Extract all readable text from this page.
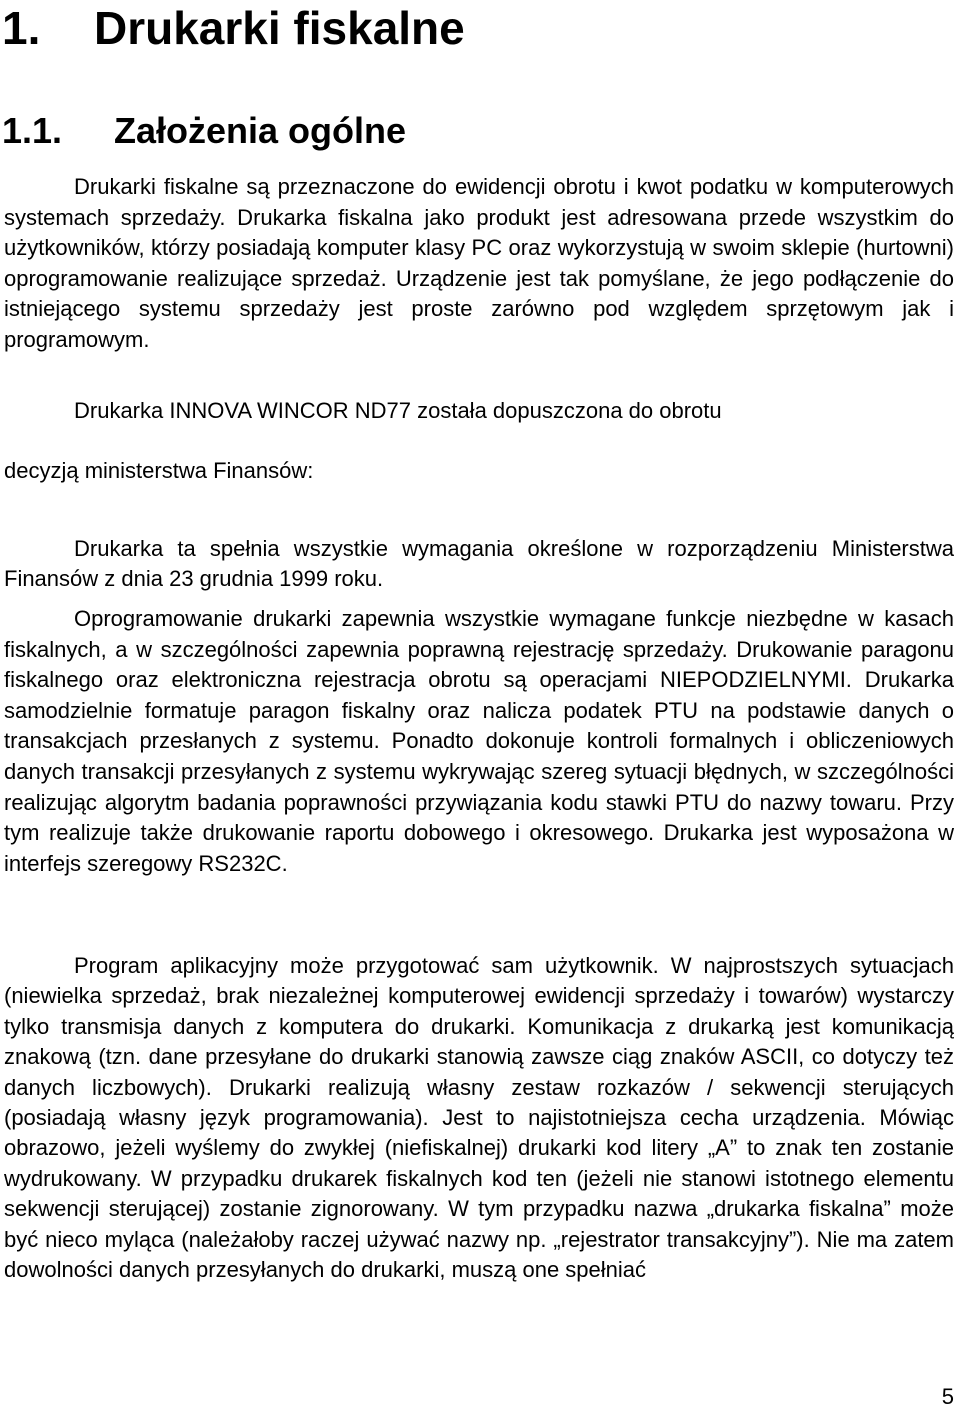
1. Drukarki fiskalne
1.1. Założenia ogólne

Drukarki fiskalne są przeznaczone do ewidencji obrotu i kwot podatku w komputerowych systemach sprzedaży. Drukarka fiskalna jako produkt jest adresowana przede wszystkim do użytkowników, którzy posiadają komputer klasy PC oraz wykorzystują w swoim sklepie (hurtowni) oprogramowanie realizujące sprzedaż. Urządzenie jest tak pomyślane, że jego podłączenie do istniejącego systemu sprzedaży jest proste zarówno pod względem sprzętowym jak i programowym.

Drukarka INNOVA WINCOR ND77 została dopuszczona do obrotu

decyzją ministerstwa Finansów:

Drukarka ta spełnia wszystkie wymagania określone w rozporządzeniu Ministerstwa Finansów z dnia 23 grudnia 1999 roku.

Oprogramowanie drukarki zapewnia wszystkie wymagane funkcje niezbędne w kasach fiskalnych, a w szczególności zapewnia poprawną rejestrację sprzedaży. Drukowanie paragonu fiskalnego oraz elektroniczna rejestracja obrotu są operacjami NIEPODZIELNYMI. Drukarka samodzielnie formatuje paragon fiskalny oraz nalicza podatek PTU na podstawie danych o transakcjach przesłanych z systemu. Ponadto dokonuje kontroli formalnych i obliczeniowych danych transakcji przesyłanych z systemu wykrywając szereg sytuacji błędnych, w szczególności realizując algorytm badania poprawności przywiązania kodu stawki PTU do nazwy towaru. Przy tym realizuje także drukowanie raportu dobowego i okresowego. Drukarka jest wyposażona w interfejs szeregowy RS232C.

Program aplikacyjny może przygotować sam użytkownik. W najprostszych sytuacjach (niewielka sprzedaż, brak niezależnej komputerowej ewidencji sprzedaży i towarów) wystarczy tylko transmisja danych z komputera do drukarki. Komunikacja z drukarką jest komunikacją znakową (tzn. dane przesyłane do drukarki stanowią zawsze ciąg znaków ASCII, co dotyczy też danych liczbowych). Drukarki realizują własny zestaw rozkazów / sekwencji sterujących (posiadają własny język programowania). Jest to najistotniejsza cecha urządzenia. Mówiąc obrazowo, jeżeli wyślemy do zwykłej (niefiskalnej) drukarki kod litery „A” to znak ten zostanie wydrukowany. W przypadku drukarek fiskalnych kod ten (jeżeli nie stanowi istotnego elementu sekwencji sterującej) zostanie zignorowany. W tym przypadku nazwa „drukarka fiskalna” może być nieco myląca (należałoby raczej używać nazwy np. „rejestrator transakcyjny”). Nie ma zatem dowolności danych przesyłanych do drukarki, muszą one spełniać

5
